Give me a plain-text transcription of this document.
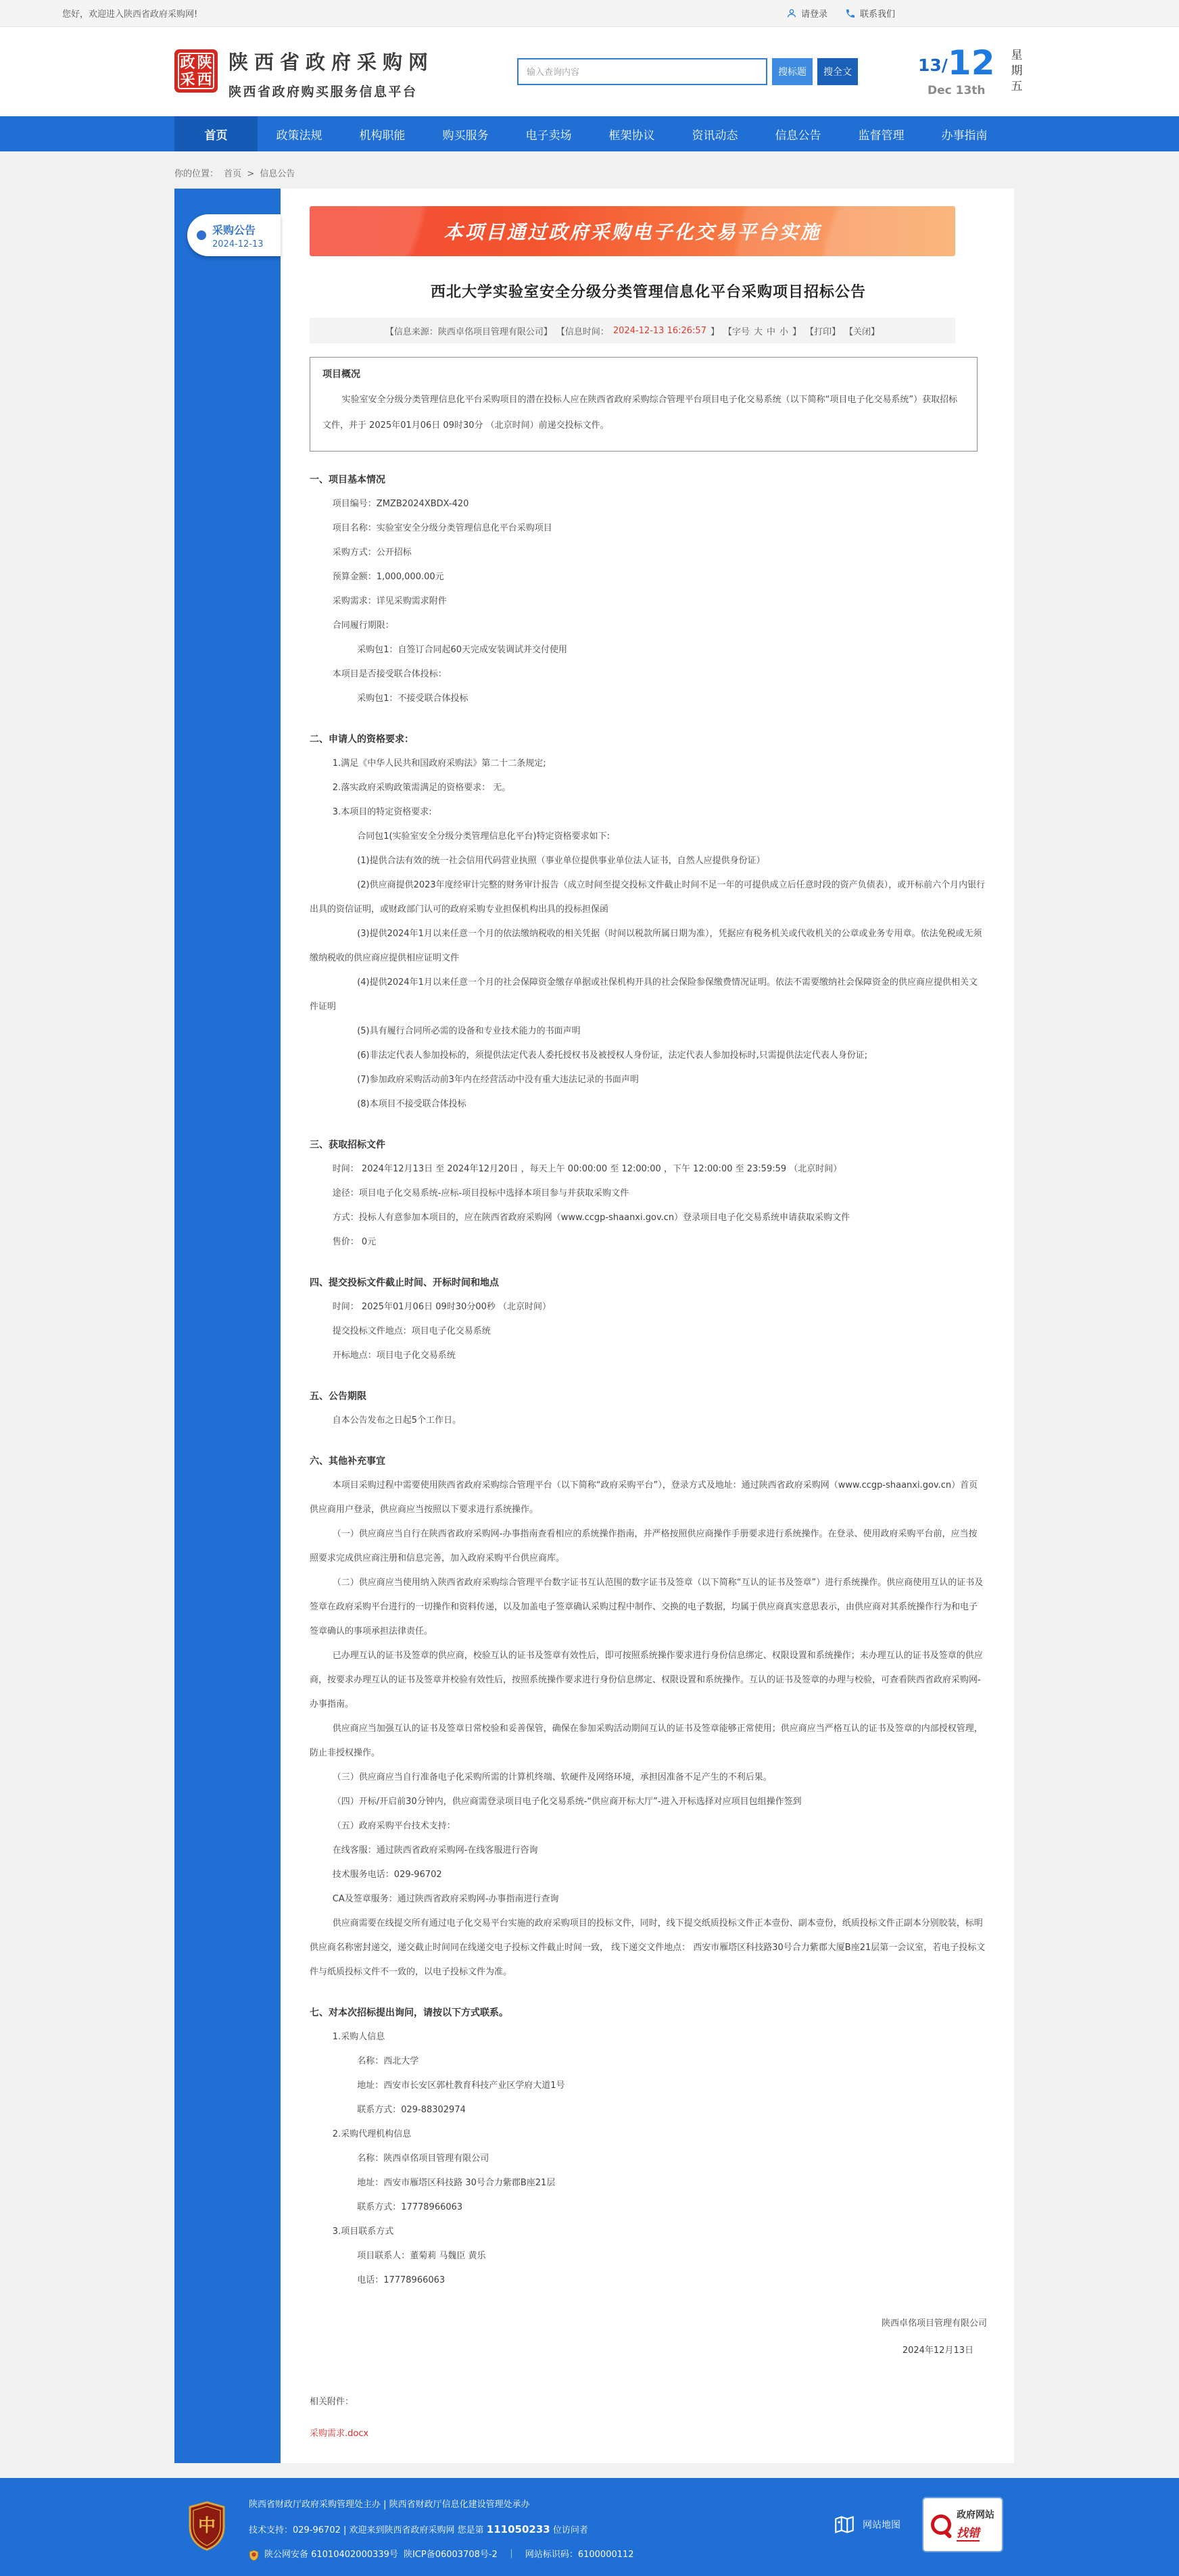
您好，欢迎进入陕西省政府采购网!	请登录	联系我们
政 陕
采 西
陕西省政府采购网
陕西省政府购买服务信息平台
输入查询内容
搜标题	搜全文	13/ 12
Dec 13th	星期五
首页	政策法规	机构职能	购买服务	电子卖场	框架协议	资讯动态	信息公告	监督管理	办事指南
你的位置： 首页 > 信息公告
采购公告
2024-12-13
本项目通过政府采购电子化交易平台实施
西北大学实验室安全分级分类管理信息化平台采购项目招标公告
【信息来源：陕西卓佲项目管理有限公司】 【信息时间： 2024-12-13 16:26:57 】 【字号 大 中 小 】 【打印】 【关闭】
项目概况

实验室安全分级分类管理信息化平台采购项目的潜在投标人应在陕西省政府采购综合管理平台项目电子化交易系统（以下简称“项目电子化交易系统”）获取招标文件，并于 2025年01月06日 09时30分 （北京时间）前递交投标文件。

一、项目基本情况

项目编号：ZMZB2024XBDX-420

项目名称：实验室安全分级分类管理信息化平台采购项目

采购方式：公开招标

预算金额：1,000,000.00元

采购需求：详见采购需求附件

合同履行期限：

采购包1：自签订合同起60天完成安装调试并交付使用

本项目是否接受联合体投标：

采购包1：不接受联合体投标

二、申请人的资格要求：

1.满足《中华人民共和国政府采购法》第二十二条规定;

2.落实政府采购政策需满足的资格要求： 无。

3.本项目的特定资格要求:

合同包1(实验室安全分级分类管理信息化平台)特定资格要求如下:

(1)提供合法有效的统一社会信用代码营业执照（事业单位提供事业单位法人证书，自然人应提供身份证）

(2)供应商提供2023年度经审计完整的财务审计报告（成立时间至提交投标文件截止时间不足一年的可提供成立后任意时段的资产负债表），或开标前六个月内银行出具的资信证明，或财政部门认可的政府采购专业担保机构出具的投标担保函

(3)提供2024年1月以来任意一个月的依法缴纳税收的相关凭据（时间以税款所属日期为准），凭据应有税务机关或代收机关的公章或业务专用章。依法免税或无须缴纳税收的供应商应提供相应证明文件

(4)提供2024年1月以来任意一个月的社会保障资金缴存单据或社保机构开具的社会保险参保缴费情况证明。依法不需要缴纳社会保障资金的供应商应提供相关文件证明

(5)具有履行合同所必需的设备和专业技术能力的书面声明

(6)非法定代表人参加投标的，须提供法定代表人委托授权书及被授权人身份证，法定代表人参加投标时,只需提供法定代表人身份证;

(7)参加政府采购活动前3年内在经营活动中没有重大违法记录的书面声明

(8)本项目不接受联合体投标

三、获取招标文件

时间： 2024年12月13日 至 2024年12月20日 ，每天上午 00:00:00 至 12:00:00 ，下午 12:00:00 至 23:59:59 （北京时间）

途径：项目电子化交易系统-应标-项目投标中选择本项目参与并获取采购文件

方式：投标人有意参加本项目的，应在陕西省政府采购网（www.ccgp-shaanxi.gov.cn）登录项目电子化交易系统申请获取采购文件

售价： 0元

四、提交投标文件截止时间、开标时间和地点

时间： 2025年01月06日 09时30分00秒 （北京时间）

提交投标文件地点：项目电子化交易系统

开标地点：项目电子化交易系统

五、公告期限

自本公告发布之日起5个工作日。

六、其他补充事宜

本项目采购过程中需要使用陕西省政府采购综合管理平台（以下简称“政府采购平台”），登录方式及地址：通过陕西省政府采购网（www.ccgp-shaanxi.gov.cn）首页供应商用户登录，供应商应当按照以下要求进行系统操作。

（一）供应商应当自行在陕西省政府采购网-办事指南查看相应的系统操作指南，并严格按照供应商操作手册要求进行系统操作。在登录、使用政府采购平台前，应当按照要求完成供应商注册和信息完善，加入政府采购平台供应商库。

（二）供应商应当使用纳入陕西省政府采购综合管理平台数字证书互认范围的数字证书及签章（以下简称“互认的证书及签章”）进行系统操作。供应商使用互认的证书及签章在政府采购平台进行的一切操作和资料传递，以及加盖电子签章确认采购过程中制作、交换的电子数据，均属于供应商真实意思表示，由供应商对其系统操作行为和电子签章确认的事项承担法律责任。

已办理互认的证书及签章的供应商，校验互认的证书及签章有效性后，即可按照系统操作要求进行身份信息绑定、权限设置和系统操作；未办理互认的证书及签章的供应商，按要求办理互认的证书及签章并校验有效性后，按照系统操作要求进行身份信息绑定、权限设置和系统操作。互认的证书及签章的办理与校验，可查看陕西省政府采购网-办事指南。

供应商应当加强互认的证书及签章日常校验和妥善保管，确保在参加采购活动期间互认的证书及签章能够正常使用；供应商应当严格互认的证书及签章的内部授权管理，防止非授权操作。

（三）供应商应当自行准备电子化采购所需的计算机终端、软硬件及网络环境，承担因准备不足产生的不利后果。

（四）开标/开启前30分钟内，供应商需登录项目电子化交易系统-“供应商开标大厅”-进入开标选择对应项目包组操作签到

（五）政府采购平台技术支持：

在线客服：通过陕西省政府采购网-在线客服进行咨询

技术服务电话：029-96702

CA及签章服务：通过陕西省政府采购网-办事指南进行查询

供应商需要在线提交所有通过电子化交易平台实施的政府采购项目的投标文件，同时，线下提交纸质投标文件正本壹份、副本壹份，纸质投标文件正副本分别胶装，标明供应商名称密封递交，递交截止时间同在线递交电子投标文件截止时间一致， 线下递交文件地点： 西安市雁塔区科技路30号合力紫郡大厦B座21层第一会议室，若电子投标文件与纸质投标文件不一致的，以电子投标文件为准。

七、对本次招标提出询问，请按以下方式联系。

1.采购人信息

名称：西北大学

地址：西安市长安区郭杜教育科技产业区学府大道1号

联系方式：029-88302974

2.采购代理机构信息

名称：陕西卓佲项目管理有限公司

地址：西安市雁塔区科技路 30号合力紫郡B座21层

联系方式：17778966063

3.项目联系方式

项目联系人：董菊莉 马魏臣 黄乐

电话：17778966063

陕西卓佲项目管理有限公司
2024年12月13日
相关附件：
采购需求.docx
中
陕西省财政厅政府采购管理处主办 | 陕西省财政厅信息化建设管理处承办
技术支持：029-96702 | 欢迎来到陕西省政府采购网 您是第 111050233 位访问者
陕公网安备 61010402000339号 陕ICP备06003708号-2 ｜ 网站标识码：6100000112
网站地图
政府网站
找错
